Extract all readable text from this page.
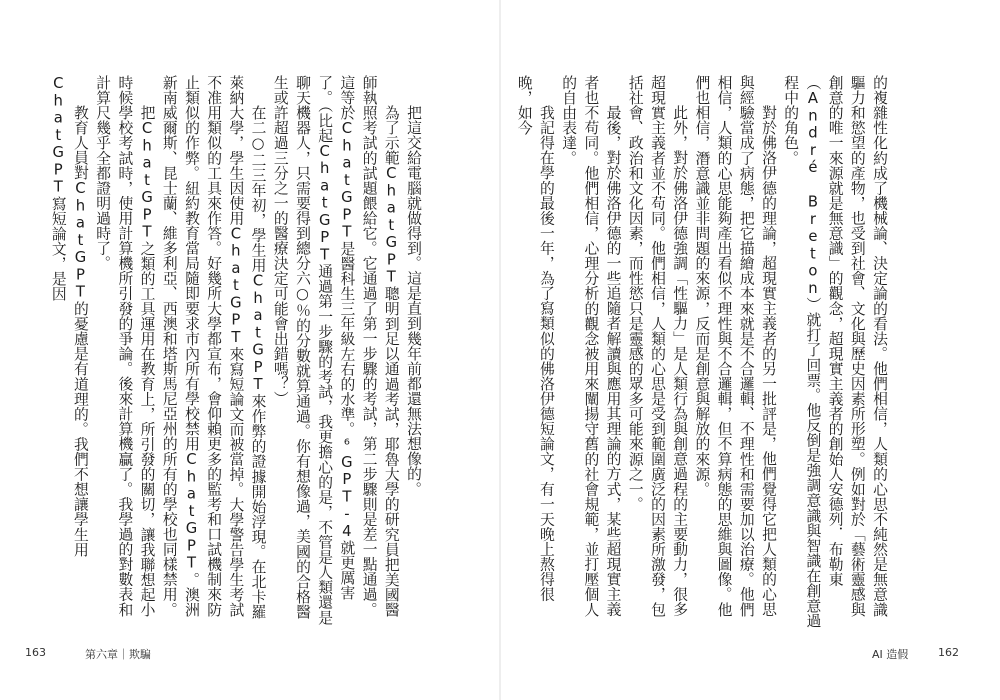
把這交給電腦就做得到。這是直到幾年前都還無法想像的。

為了示範ChatGPT聰明到足以通過考試，耶魯大學的研究員把美國醫師執照考試的試題餵給它。它通過了第一步驟的考試，第二步驟則是差一點通過。這等於ChatGPT是醫科生三年級左右的水準。⁶GPT-4就更厲害了。（比起ChatGPT通過第一步驟的考試，我更擔心的是，不管是人類還是聊天機器人，只需要得到總分六○％的分數就算通過。你有想像過，美國的合格醫生或許超過三分之一的醫療決定可能會出錯嗎？）

在二○二三年初，學生用ChatGPT來作弊的證據開始浮現。在北卡羅萊納大學，學生因使用ChatGPT來寫短論文而被當掉。大學警告學生考試不准用類似的工具來作答。好幾所大學都宣布，會仰賴更多的監考和口試機制來防止類似的作弊。紐約教育當局隨即要求市內所有學校禁用ChatGPT。澳洲新南威爾斯、昆士蘭、維多利亞、西澳和塔斯馬尼亞州的所有的學校也同樣禁用。

把ChatGPT之類的工具運用在教育上，所引發的關切，讓我聯想起小時候學校考試時，使用計算機所引發的爭論。後來計算機贏了。我學過的對數表和計算尺幾乎全都證明過時了。

教育人員對ChatGPT的憂慮是有道理的。我們不想讓學生用ChatGPT寫短論文，是因	的複雜性化約成了機械論、決定論的看法。他們相信，人類的心思不純然是無意識驅力和慾望的產物，也受到社會、文化與歷史因素所形塑。例如對於「藝術靈感與創意的唯一來源就是無意識」的觀念，超現實主義者的創始人安德列．布勒東（André Breton）就打了回票。他反倒是強調意識與智識在創意過程中的角色。

對於佛洛伊德的理論，超現實主義者的另一批評是，他們覺得它把人類的心思與經驗當成了病態，把它描繪成本來就是不合邏輯、不理性和需要加以治療。他們相信，人類的心思能夠產出看似不理性與不合邏輯，但不算病態的思維與圖像。他們也相信，潛意識並非問題的來源，反而是創意與解放的來源。

此外，對於佛洛伊德強調「性驅力」是人類行為與創意過程的主要動力，很多超現實主義者並不苟同。他們相信，人類的心思是受到範圍廣泛的因素所激發，包括社會、政治和文化因素，而性慾只是靈感的眾多可能來源之一。

最後，對於佛洛伊德的一些追隨者解讀與應用其理論的方式，某些超現實主義者也不苟同。他們相信，心理分析的觀念被用來闡揚守舊的社會規範，並打壓個人的自由表達。

我記得在學的最後一年，為了寫類似的佛洛伊德短論文，有一天晚上熬得很晚，如今

163	第六章｜欺騙	AI 造假	162
